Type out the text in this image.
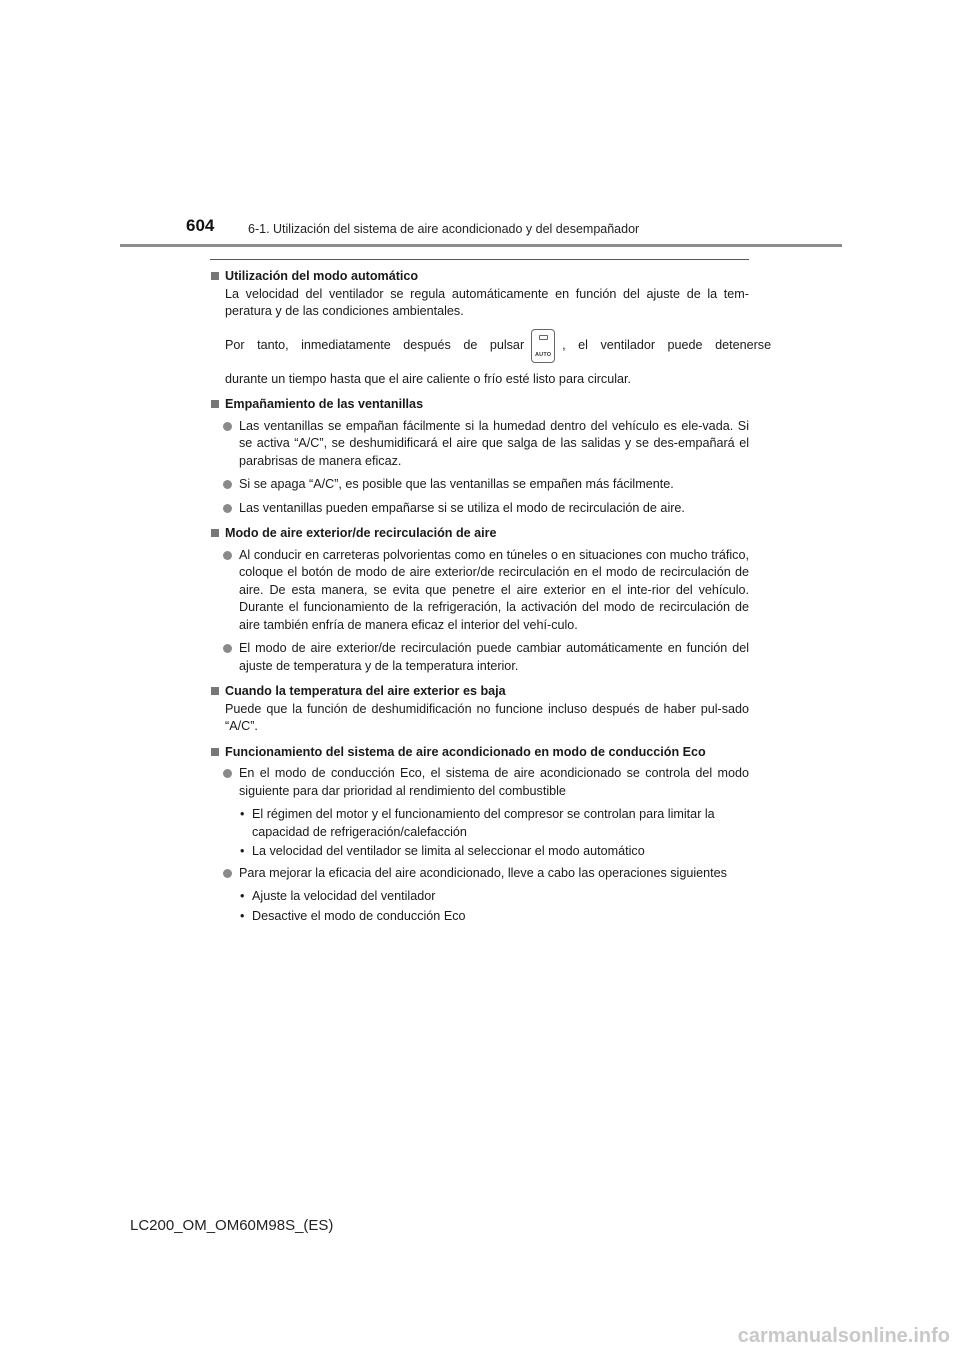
604	6-1. Utilización del sistema de aire acondicionado y del desempañador
Utilización del modo automático
La velocidad del ventilador se regula automáticamente en función del ajuste de la tem-peratura y de las condiciones ambientales.
Por tanto, inmediatamente después de pulsar
AUTO
, el ventilador puede detenerse
durante un tiempo hasta que el aire caliente o frío esté listo para circular.
Empañamiento de las ventanillas
Las ventanillas se empañan fácilmente si la humedad dentro del vehículo es ele-vada. Si se activa “A/C”, se deshumidificará el aire que salga de las salidas y se des-empañará el parabrisas de manera eficaz.
Si se apaga “A/C”, es posible que las ventanillas se empañen más fácilmente.
Las ventanillas pueden empañarse si se utiliza el modo de recirculación de aire.
Modo de aire exterior/de recirculación de aire
Al conducir en carreteras polvorientas como en túneles o en situaciones con mucho tráfico, coloque el botón de modo de aire exterior/de recirculación en el modo de recirculación de aire. De esta manera, se evita que penetre el aire exterior en el inte-rior del vehículo. Durante el funcionamiento de la refrigeración, la activación del modo de recirculación de aire también enfría de manera eficaz el interior del vehí-culo.
El modo de aire exterior/de recirculación puede cambiar automáticamente en función del ajuste de temperatura y de la temperatura interior.
Cuando la temperatura del aire exterior es baja
Puede que la función de deshumidificación no funcione incluso después de haber pul-sado “A/C”.
Funcionamiento del sistema de aire acondicionado en modo de conducción Eco
En el modo de conducción Eco, el sistema de aire acondicionado se controla del modo siguiente para dar prioridad al rendimiento del combustible
• El régimen del motor y el funcionamiento del compresor se controlan para limitar la capacidad de refrigeración/calefacción
• La velocidad del ventilador se limita al seleccionar el modo automático
Para mejorar la eficacia del aire acondicionado, lleve a cabo las operaciones siguientes
• Ajuste la velocidad del ventilador
• Desactive el modo de conducción Eco
LC200_OM_OM60M98S_(ES)
carmanualsonline.info
